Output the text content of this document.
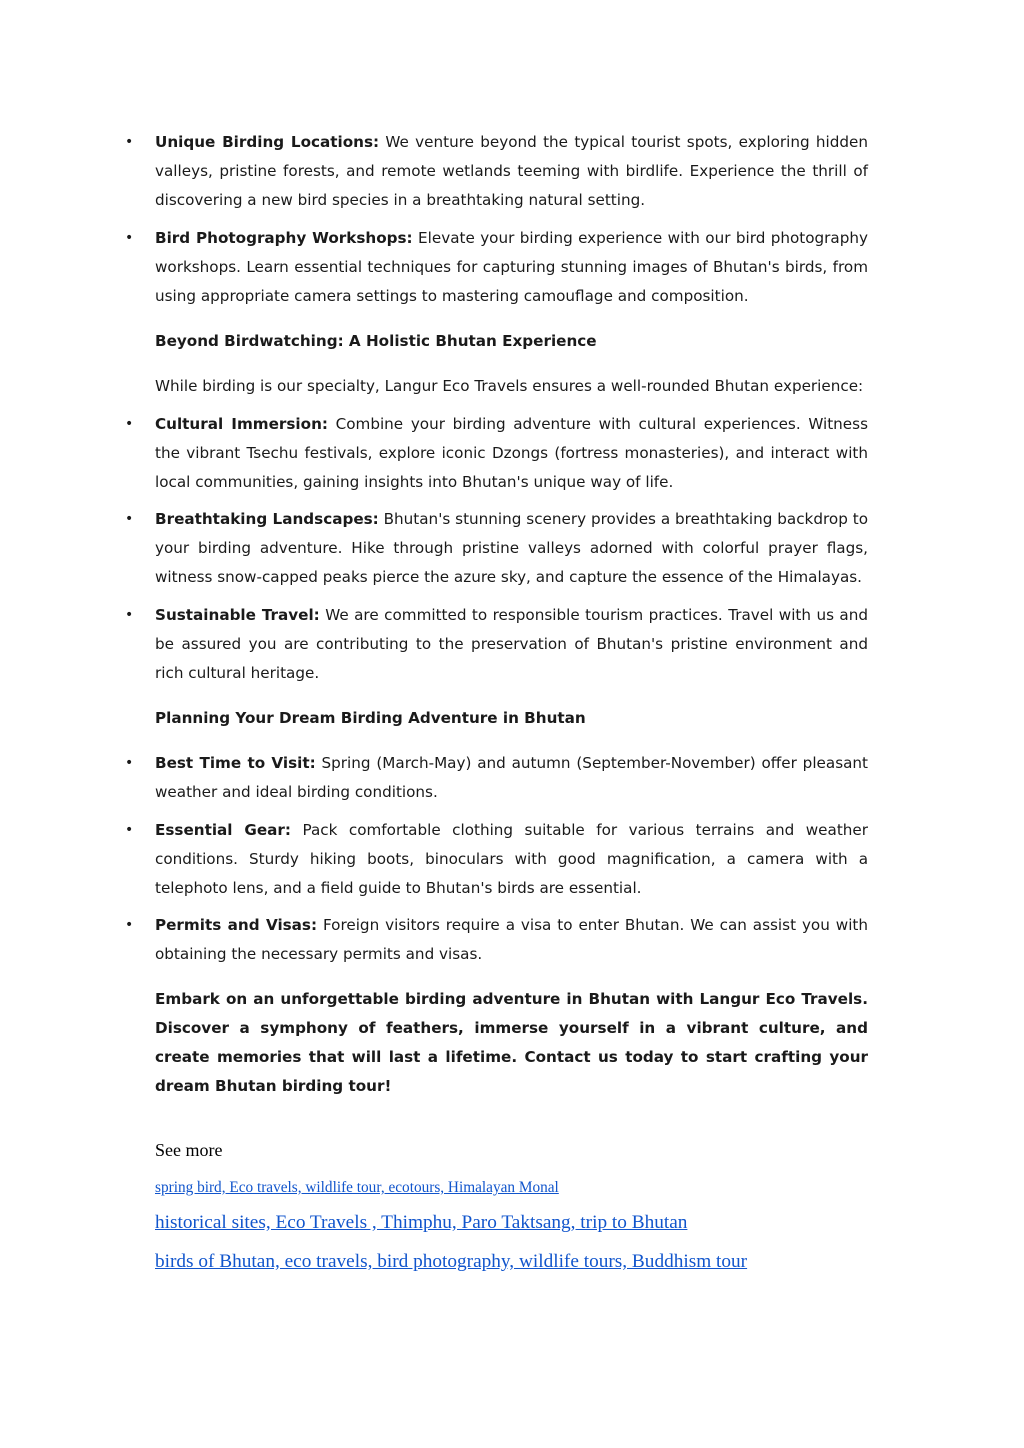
• Unique Birding Locations: We venture beyond the typical tourist spots, exploring hidden valleys, pristine forests, and remote wetlands teeming with birdlife. Experience the thrill of discovering a new bird species in a breathtaking natural setting.
• Bird Photography Workshops: Elevate your birding experience with our bird photography workshops. Learn essential techniques for capturing stunning images of Bhutan's birds, from using appropriate camera settings to mastering camouflage and composition.
Beyond Birdwatching: A Holistic Bhutan Experience
While birding is our specialty, Langur Eco Travels ensures a well-rounded Bhutan experience:
• Cultural Immersion: Combine your birding adventure with cultural experiences. Witness the vibrant Tsechu festivals, explore iconic Dzongs (fortress monasteries), and interact with local communities, gaining insights into Bhutan's unique way of life.
• Breathtaking Landscapes: Bhutan's stunning scenery provides a breathtaking backdrop to your birding adventure. Hike through pristine valleys adorned with colorful prayer flags, witness snow-capped peaks pierce the azure sky, and capture the essence of the Himalayas.
• Sustainable Travel: We are committed to responsible tourism practices. Travel with us and be assured you are contributing to the preservation of Bhutan's pristine environment and rich cultural heritage.
Planning Your Dream Birding Adventure in Bhutan
• Best Time to Visit: Spring (March-May) and autumn (September-November) offer pleasant weather and ideal birding conditions.
• Essential Gear: Pack comfortable clothing suitable for various terrains and weather conditions. Sturdy hiking boots, binoculars with good magnification, a camera with a telephoto lens, and a field guide to Bhutan's birds are essential.
• Permits and Visas: Foreign visitors require a visa to enter Bhutan. We can assist you with obtaining the necessary permits and visas.
Embark on an unforgettable birding adventure in Bhutan with Langur Eco Travels. Discover a symphony of feathers, immerse yourself in a vibrant culture, and create memories that will last a lifetime. Contact us today to start crafting your dream Bhutan birding tour!
See more
spring bird, Eco travels, wildlife tour, ecotours, Himalayan Monal
historical sites, Eco Travels , Thimphu, Paro Taktsang, trip to Bhutan
birds of Bhutan, eco travels, bird photography, wildlife tours, Buddhism tour
